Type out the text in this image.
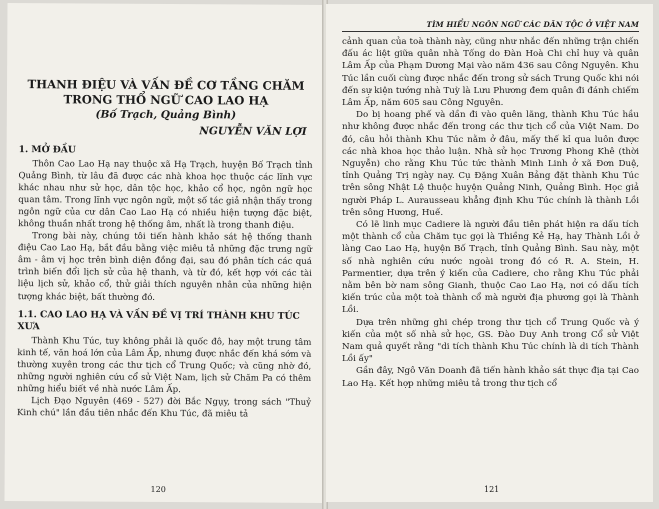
THANH ĐIỆU VÀ VẤN ĐỀ CƠ TẦNG CHĂM
TRONG THỔ NGỮ CAO LAO HẠ
(Bố Trạch, Quảng Bình)
NGUYỄN VĂN LỢI
1. MỞ ĐẦU

Thôn Cao Lao Hạ nay thuộc xã Hạ Trạch, huyện Bố Trạch tỉnh Quảng Bình, từ lâu đã được các nhà khoa học thuộc các lĩnh vực khác nhau như sử học, dân tộc học, khảo cổ học, ngôn ngữ học quan tâm. Trong lĩnh vực ngôn ngữ, một số tác giả nhận thấy trong ngôn ngữ của cư dân Cao Lao Hạ có nhiều hiện tượng đặc biệt, không thuần nhất trong hệ thống âm, nhất là trong thanh điệu.

Trong bài này, chúng tôi tiến hành khảo sát hệ thống thanh điệu Cao Lao Hạ, bắt đầu bằng việc miêu tả những đặc trưng ngữ âm - âm vị học trên bình diện đồng đại, sau đó phân tích các quá trình biến đổi lịch sử của hệ thanh, và từ đó, kết hợp với các tài liệu lịch sử, khảo cổ, thử giải thích nguyên nhân của những hiện tượng khác biệt, bất thường đó.

1.1. CAO LAO HẠ VÀ VẤN ĐỀ VỊ TRÍ THÀNH KHU TÚC XƯA

Thành Khu Túc, tuy không phải là quốc đô, hay một trung tâm kinh tế, văn hoá lớn của Lâm Ấp, nhưng được nhắc đến khá sớm và thường xuyên trong các thư tịch cổ Trung Quốc; và cũng nhờ đó, những người nghiên cứu cổ sử Việt Nam, lịch sử Chăm Pa có thêm những hiểu biết về nhà nước Lâm Ấp.

Lịch Đạo Nguyên (469 - 527) đời Bắc Ngụy, trong sách "Thuỷ Kinh chú" lần đầu tiên nhắc đến Khu Túc, đã miêu tả

120
TÌM HIỂU NGÔN NGỮ CÁC DÂN TỘC Ở VIỆT NAM

cảnh quan của toà thành này, cũng như nhắc đến những trận chiến đấu ác liệt giữa quân nhà Tống do Đàn Hoà Chi chỉ huy và quân Lâm Ấp của Phạm Dương Mại vào năm 436 sau Công Nguyên. Khu Túc lần cuối cùng được nhắc đến trong sử sách Trung Quốc khi nói đến sự kiện tướng nhà Tuỳ là Lưu Phương đem quân đi đánh chiếm Lâm Ấp, năm 605 sau Công Nguyên.

Do bị hoang phế và dần đi vào quên lãng, thành Khu Túc hầu như không được nhắc đến trong các thư tịch cổ của Việt Nam. Do đó, câu hỏi thành Khu Túc nằm ở đâu, mấy thế kỉ qua luôn được các nhà khoa học thảo luận. Nhà sử học Trương Phong Khê (thời Nguyễn) cho rằng Khu Túc tức thành Minh Linh ở xã Đơn Duệ, tỉnh Quảng Trị ngày nay. Cụ Đặng Xuân Bảng đặt thành Khu Túc trên sông Nhật Lệ thuộc huyện Quảng Ninh, Quảng Bình. Học giả người Pháp L. Aurausseau khẳng định Khu Túc chính là thành Lồi trên sông Hương, Huế.

Có lẽ linh mục Cadiere là người đầu tiên phát hiện ra dấu tích một thành cổ của Chăm tục gọi là Thiềng Kẻ Hạ, hay Thành Lồi ở làng Cao Lao Hạ, huyện Bố Trạch, tỉnh Quảng Bình. Sau này, một số nhà nghiên cứu nước ngoài trong đó có R. A. Stein, H. Parmentier, dựa trên ý kiến của Cadiere, cho rằng Khu Túc phải nằm bên bờ nam sông Gianh, thuộc Cao Lao Hạ, nơi có dấu tích kiến trúc của một toà thành cổ mà người địa phương gọi là Thành Lồi.

Dựa trên những ghi chép trong thư tịch cổ Trung Quốc và ý kiến của một số nhà sử học, GS. Đào Duy Anh trong Cổ sử Việt Nam quả quyết rằng "di tích thành Khu Túc chính là di tích Thành Lồi ấy"

Gần đây, Ngô Văn Doanh đã tiến hành khảo sát thực địa tại Cao Lao Hạ. Kết hợp những miêu tả trong thư tịch cổ

121
